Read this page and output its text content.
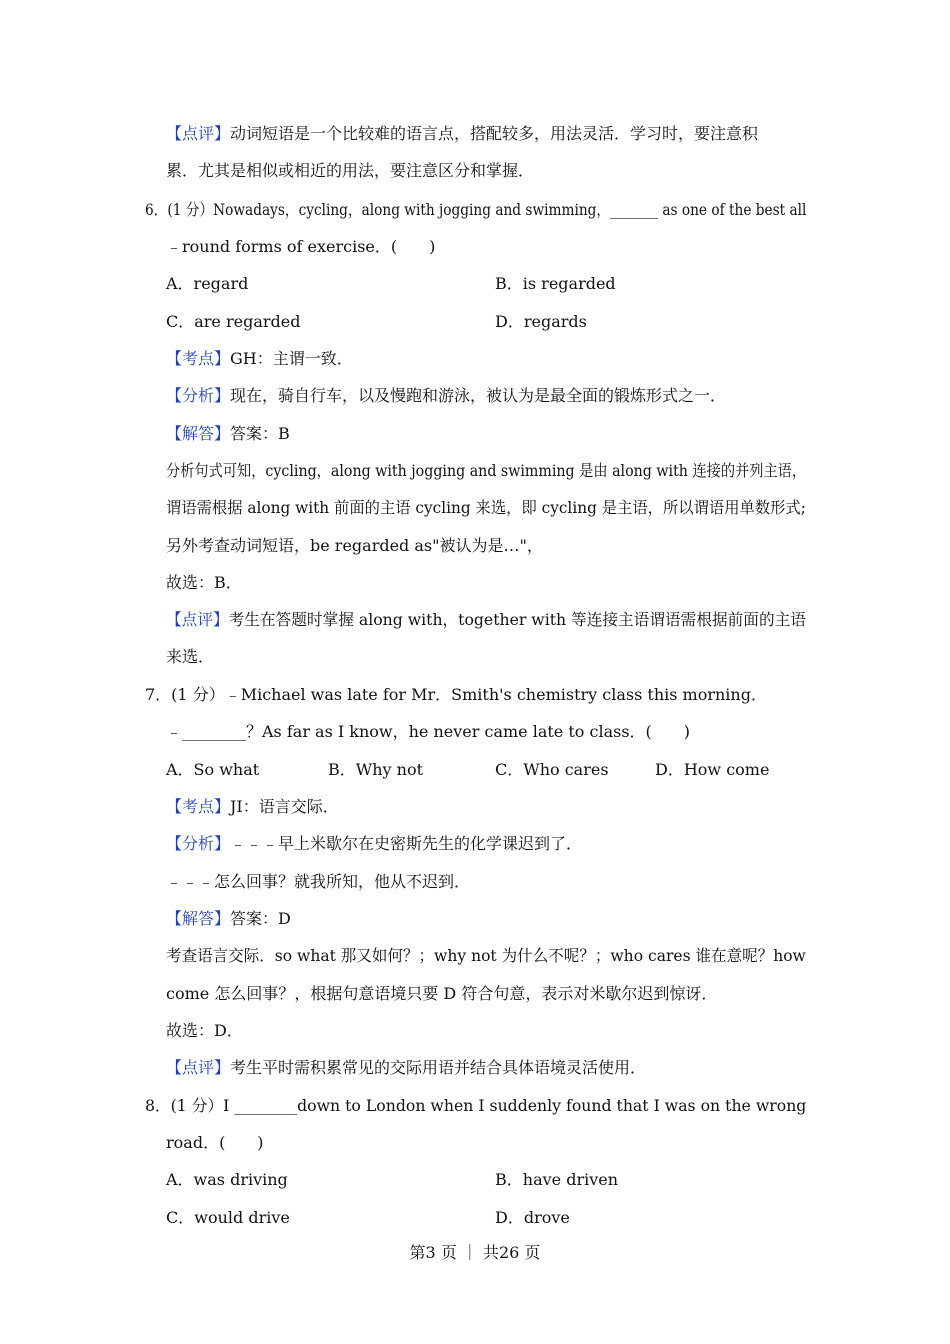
【点评】动词短语是一个比较难的语言点，搭配较多，用法灵活．学习时，要注意积
累．尤其是相似或相近的用法，要注意区分和掌握．
6．(1 分）Nowadays，cycling，along with jogging and swimming，_______ as one of the best all
﹣round forms of exercise．(　　)
A．regard	B．is regarded
C．are regarded	D．regards
【考点】GH：主谓一致．
【分析】现在，骑自行车，以及慢跑和游泳，被认为是最全面的锻炼形式之一．
【解答】答案：B
分析句式可知，cycling，along with jogging and swimming 是由 along with 连接的并列主语，
谓语需根据 along with 前面的主语 cycling 来选，即 cycling 是主语，所以谓语用单数形式;
另外考查动词短语，be regarded as"被认为是…"，
故选：B．
【点评】考生在答题时掌握 along with，together with 等连接主语谓语需根据前面的主语
来选．
7．(1 分）﹣Michael was late for Mr．Smith's chemistry class this morning．
﹣________？As far as I know，he never came late to class．(　　)
A．So what	B．Why not	C．Who cares	D．How come
【考点】JI：语言交际．
【分析】﹣﹣﹣早上米歇尔在史密斯先生的化学课迟到了．
﹣﹣﹣怎么回事？就我所知，他从不迟到．
【解答】答案：D
考查语言交际．so what 那又如何？；why not 为什么不呢？；who cares 谁在意呢？how
come 怎么回事？，根据句意语境只要 D 符合句意，表示对米歇尔迟到惊讶．
故选：D．
【点评】考生平时需积累常见的交际用语并结合具体语境灵活使用．
8．(1 分）I ________down to London when I suddenly found that I was on the wrong
road．(　　)
A．was driving	B．have driven
C．would drive	D．drove
第3 页 ｜ 共26 页
